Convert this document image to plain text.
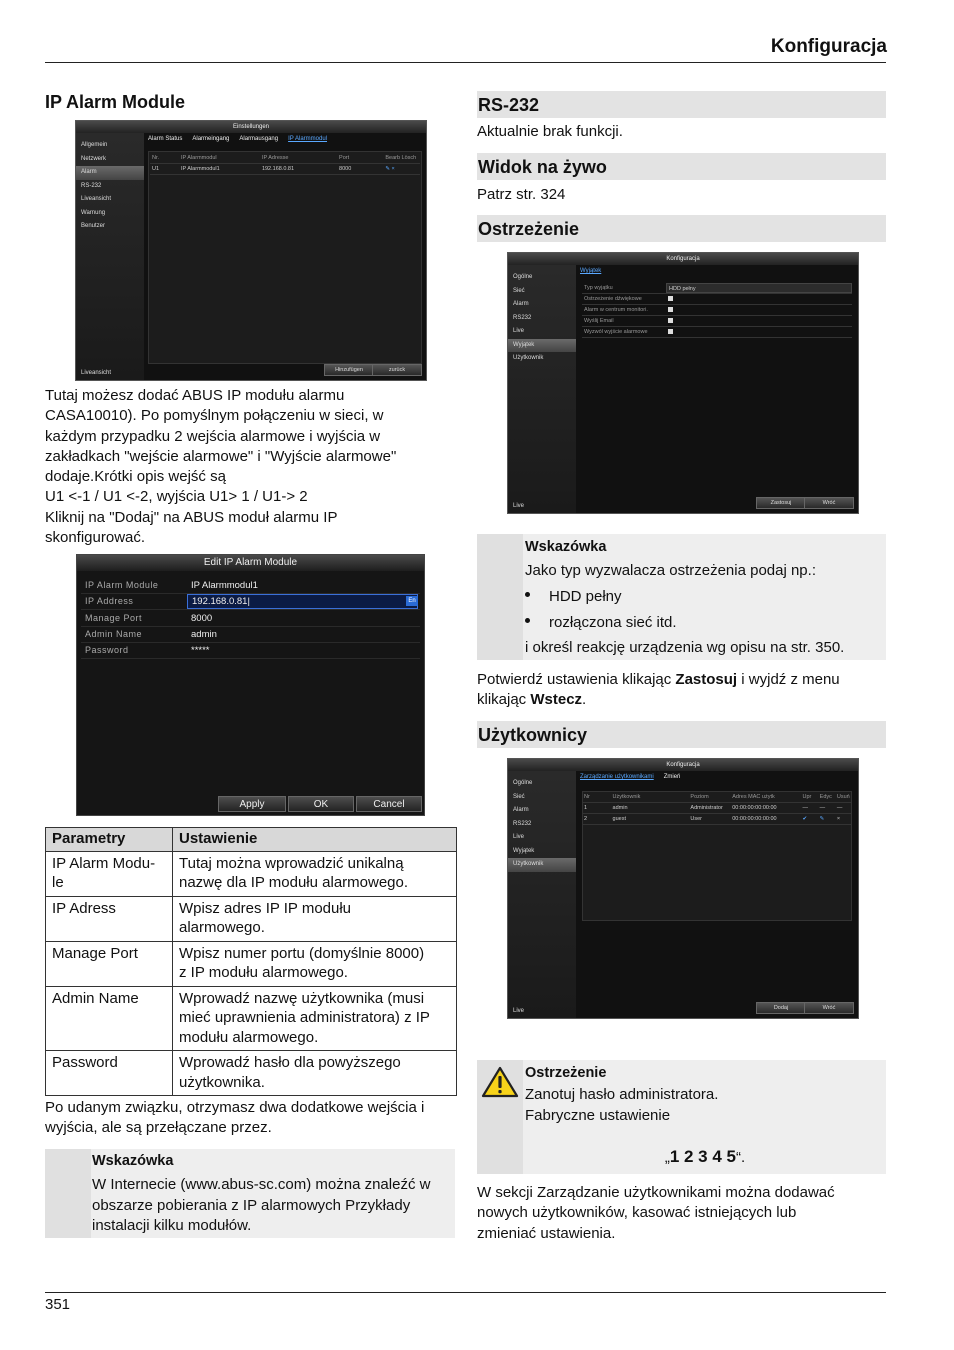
Konfiguracja
IP Alarm Module
Einstellungen
Allgemein
Netzwerk
Alarm
RS-232
Liveansicht
Warnung
Benutzer
Liveansicht
Alarm Status Alarmeingang Alarmausgang IP Alarmmodul
Nr.	IP Alarmmodul	IP Adresse	Port	Bearb Lösch
U1	IP Alarmmodul1	192.168.0.81	8000	✎ ×
Hinzufügen	zurück

Tutaj możesz dodać ABUS IP modułu alarmu

CASA10010). Po pomyślnym połączeniu w sieci, w

każdym przypadku 2 wejścia alarmowe i wyjścia w

zakładkach "wejście alarmowe" i "Wyjście alarmowe"

dodaje.Krótki opis wejść są

U1 <-1 / U1 <-2, wyjścia U1> 1 / U1-> 2

Kliknij na "Dodaj" na ABUS moduł alarmu IP

skonfigurować.

Edit IP Alarm Module
IP Alarm Module	IP Alarmmodul1
IP Address	192.168.0.81|	En
Manage Port	8000
Admin Name	admin
Password	*****
Apply	OK	Cancel
Parametry	Ustawienie
IP Alarm Modu-
le	Tutaj można wprowadzić unikalną
nazwę dla IP modułu alarmowego.
IP Adress	Wpisz adres IP IP modułu
alarmowego.
Manage Port	Wpisz numer portu (domyślnie 8000)
z IP modułu alarmowego.
Admin Name	Wprowadź nazwę użytkownika (musi
mieć uprawnienia administratora) z IP
modułu alarmowego.
Password	Wprowadź hasło dla powyższego
użytkownika.

Po udanym związku, otrzymasz dwa dodatkowe wejścia i

wyjścia, ale są przełączane przez.

Wskazówka

W Internecie (www.abus-sc.com) można znaleźć w

obszarze pobierania z IP alarmowych Przykłady

instalacji kilku modułów.

RS-232
Aktualnie brak funkcji.
Widok na żywo
Patrz str. 324
Ostrzeżenie
Konfiguracja
Ogólne
Sieć
Alarm
RS232
Live
Wyjątek
Użytkownik
Live
Wyjątek
Typ wyjątku	HDD pełny
Ostrzeżenie dźwiękowe
Alarm w centrum monitori.
Wyślij Email
Wyzwól wyjście alarmowe
Zastosuj	Wróć
Wskazówka
Jako typ wyzwalacza ostrzeżenia podaj np.:
HDD pełny
rozłączona sieć itd.
i określ reakcję urządzenia wg opisu na str. 350.

Potwierdź ustawienia klikając Zastosuj i wyjdź z menu

klikając Wstecz.

Użytkownicy
Konfiguracja
Ogólne
Sieć
Alarm
RS232
Live
Wyjątek
Użytkownik
Live
Zarządzanie użytkownikami Zmień
Nr	Użytkownik	Poziom	Adres MAC użytk	Upr	Edyc Usuń
1	admin	Administrator	00:00:00:00:00:00	—	—	—
2	guest	User	00:00:00:00:00:00	✔	✎	×
Dodaj	Wróć
Ostrzeżenie
Zanotuj hasło administratora.
Fabryczne ustawienie
„1 2 3 4 5“.

W sekcji Zarządzanie użytkownikami można dodawać

nowych użytkowników, kasować istniejących lub

zmieniać ustawienia.

351
